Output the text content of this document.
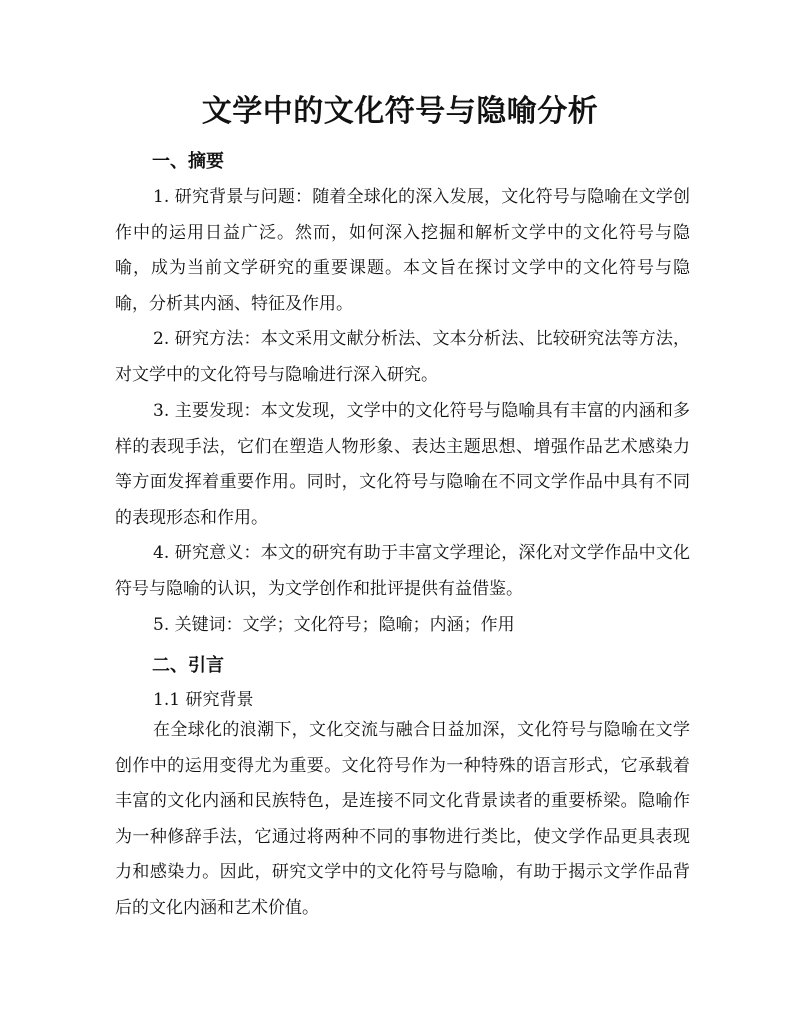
文学中的文化符号与隐喻分析
一、摘要

1. 研究背景与问题：随着全球化的深入发展，文化符号与隐喻在文学创作中的运用日益广泛。然而，如何深入挖掘和解析文学中的文化符号与隐喻，成为当前文学研究的重要课题。本文旨在探讨文学中的文化符号与隐喻，分析其内涵、特征及作用。

2. 研究方法：本文采用文献分析法、文本分析法、比较研究法等方法，对文学中的文化符号与隐喻进行深入研究。

3. 主要发现：本文发现，文学中的文化符号与隐喻具有丰富的内涵和多样的表现手法，它们在塑造人物形象、表达主题思想、增强作品艺术感染力等方面发挥着重要作用。同时，文化符号与隐喻在不同文学作品中具有不同的表现形态和作用。

4. 研究意义：本文的研究有助于丰富文学理论，深化对文学作品中文化符号与隐喻的认识，为文学创作和批评提供有益借鉴。

5. 关键词：文学；文化符号；隐喻；内涵；作用

二、引言
1.1 研究背景

在全球化的浪潮下，文化交流与融合日益加深，文化符号与隐喻在文学创作中的运用变得尤为重要。文化符号作为一种特殊的语言形式，它承载着丰富的文化内涵和民族特色，是连接不同文化背景读者的重要桥梁。隐喻作为一种修辞手法，它通过将两种不同的事物进行类比，使文学作品更具表现力和感染力。因此，研究文学中的文化符号与隐喻，有助于揭示文学作品背后的文化内涵和艺术价值。
